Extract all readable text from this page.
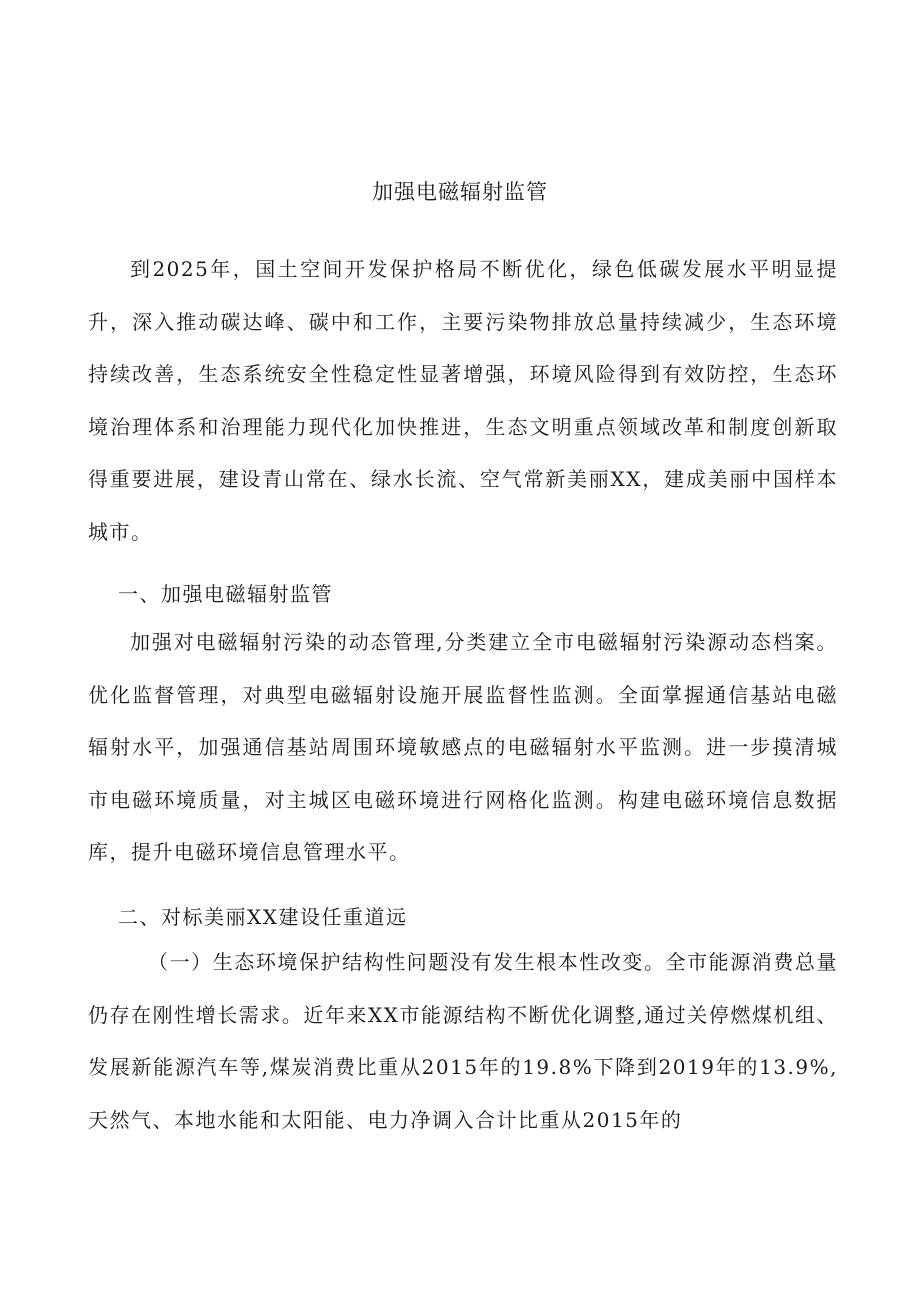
加强电磁辐射监管

到2025年，国土空间开发保护格局不断优化，绿色低碳发展水平明显提升，深入推动碳达峰、碳中和工作，主要污染物排放总量持续减少，生态环境持续改善，生态系统安全性稳定性显著增强，环境风险得到有效防控，生态环境治理体系和治理能力现代化加快推进，生态文明重点领域改革和制度创新取得重要进展，建设青山常在、绿水长流、空气常新美丽XX，建成美丽中国样本城市。

一、加强电磁辐射监管

加强对电磁辐射污染的动态管理,分类建立全市电磁辐射污染源动态档案。优化监督管理，对典型电磁辐射设施开展监督性监测。全面掌握通信基站电磁辐射水平，加强通信基站周围环境敏感点的电磁辐射水平监测。进一步摸清城市电磁环境质量，对主城区电磁环境进行网格化监测。构建电磁环境信息数据库，提升电磁环境信息管理水平。

二、对标美丽XX建设任重道远

（一）生态环境保护结构性问题没有发生根本性改变。全市能源消费总量仍存在刚性增长需求。近年来XX市能源结构不断优化调整,通过关停燃煤机组、发展新能源汽车等,煤炭消费比重从2015年的19.8%下降到2019年的13.9%,天然气、本地水能和太阳能、电力净调入合计比重从2015年的
